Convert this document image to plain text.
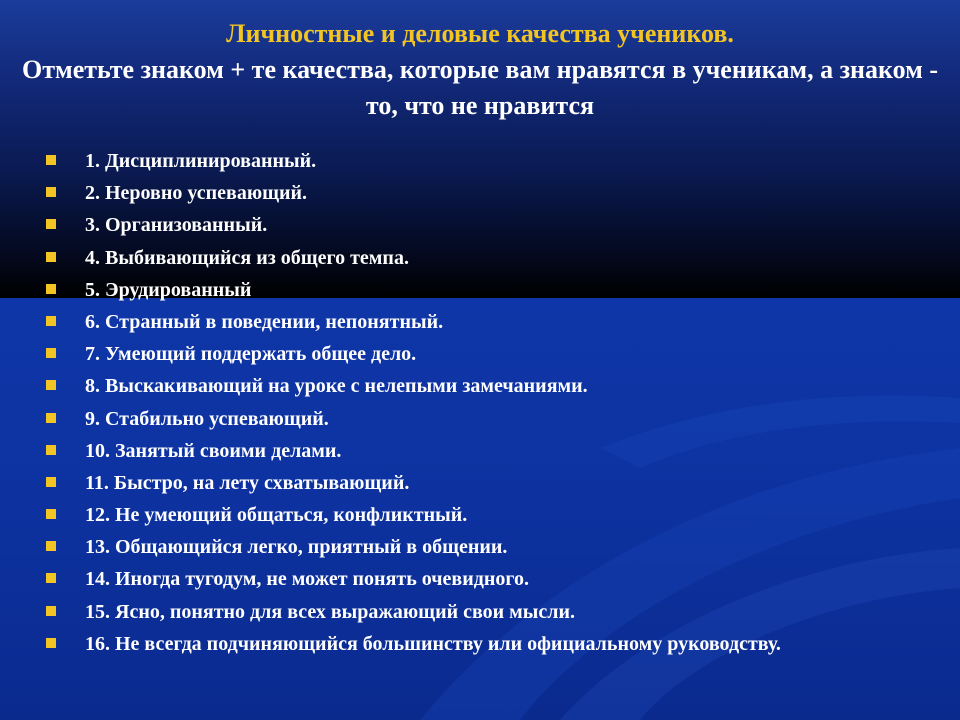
Личностные и деловые качества учеников.
Отметьте знаком + те качества, которые вам нравятся в ученикам, а знаком - то, что не нравится
1. Дисциплинированный.
2. Неровно успевающий.
3. Организованный.
4. Выбивающийся из общего темпа.
5. Эрудированный
6. Странный в поведении, непонятный.
7. Умеющий поддержать общее дело.
8. Выскакивающий на уроке с нелепыми замечаниями.
9. Стабильно успевающий.
10. Занятый своими делами.
11. Быстро, на лету схватывающий.
12. Не умеющий общаться, конфликтный.
13. Общающийся легко, приятный в общении.
14. Иногда тугодум, не может понять очевидного.
15. Ясно, понятно для всех выражающий свои мысли.
16. Не всегда подчиняющийся большинству или официальному руководству.
